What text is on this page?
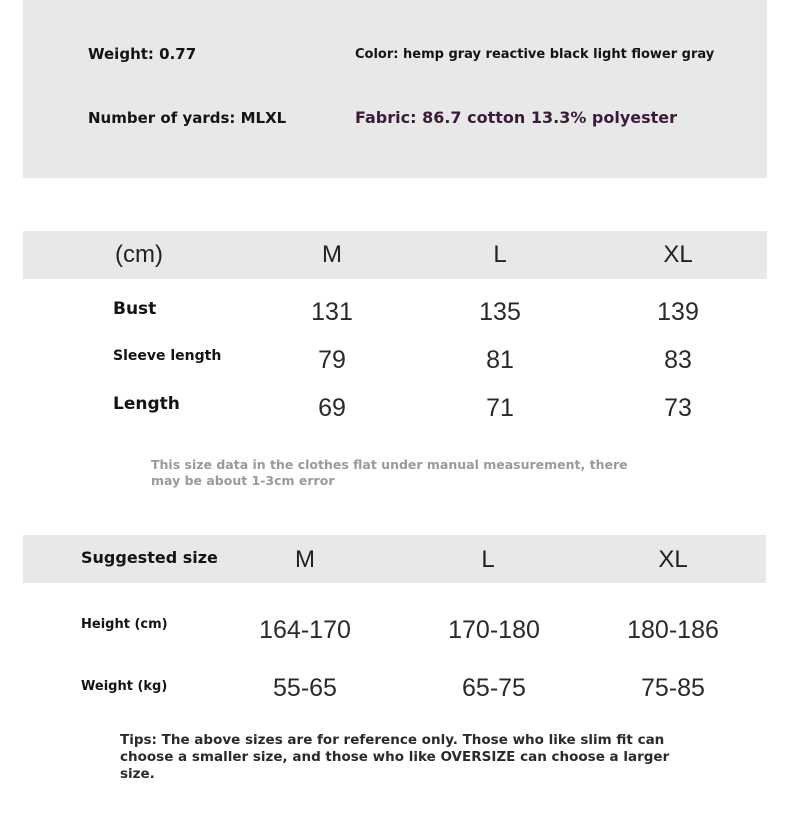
Weight: 0.77	Color: hemp gray reactive black light flower gray
Number of yards: MLXL	Fabric: 86.7 cotton 13.3% polyester
(cm)	M	L	XL
Bust	131	135	139
Sleeve length	79	81	83
Length	69	71	73
This size data in the clothes flat under manual measurement, there may be about 1-3cm error
Suggested size	M	L	XL
Height (cm)	164-170	170-180	180-186
Weight (kg)	55-65	65-75	75-85
Tips: The above sizes are for reference only. Those who like slim fit can choose a smaller size, and those who like OVERSIZE can choose a larger size.
